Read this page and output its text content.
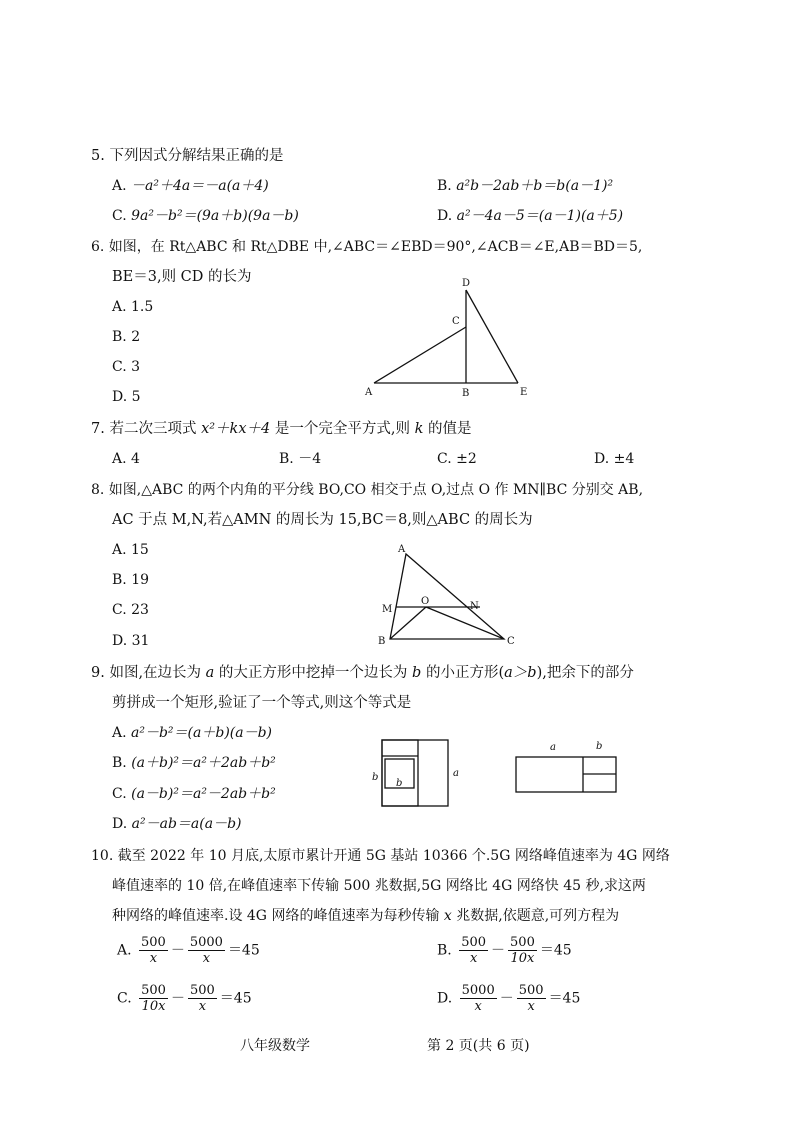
5. 下列因式分解结果正确的是
A. －a²＋4a＝－a(a＋4)	B. a²b－2ab＋b＝b(a－1)²
C. 9a²－b²＝(9a＋b)(9a－b)	D. a²－4a－5＝(a－1)(a＋5)
6. 如图，在 Rt△ABC 和 Rt△DBE 中,∠ABC＝∠EBD＝90°,∠ACB＝∠E,AB＝BD＝5,
BE＝3,则 CD 的长为
A. 1.5
B. 2
C. 3
D. 5
D
C
A	B	E
7. 若二次三项式 x²＋kx＋4 是一个完全平方式,则 k 的值是
A. 4	B. －4	C. ±2	D. ±4
8. 如图,△ABC 的两个内角的平分线 BO,CO 相交于点 O,过点 O 作 MN∥BC 分别交 AB,
AC 于点 M,N,若△AMN 的周长为 15,BC＝8,则△ABC 的周长为
A. 15
B. 19
C. 23
D. 31
A
M
O	N
B	C
9. 如图,在边长为 a 的大正方形中挖掉一个边长为 b 的小正方形(a＞b),把余下的部分
剪拼成一个矩形,验证了一个等式,则这个等式是
A. a²－b²＝(a＋b)(a－b)
B. (a＋b)²＝a²＋2ab＋b²
C. (a－b)²＝a²－2ab＋b²
D. a²－ab＝a(a－b)
b
b
a
a	b
10. 截至 2022 年 10 月底,太原市累计开通 5G 基站 10366 个.5G 网络峰值速率为 4G 网络
峰值速率的 10 倍,在峰值速率下传输 500 兆数据,5G 网络比 4G 网络快 45 秒,求这两
种网络的峰值速率.设 4G 网络的峰值速率为每秒传输 x 兆数据,依题意,可列方程为
A. $\frac{500}{x} - \frac{5000}{x} =45$	B. $\frac{500}{x} - \frac{500}{10x} =45$
C. $\frac{500}{10x} - \frac{500}{x} =45$	D. $\frac{5000}{x} - \frac{500}{x} =45$
八年级数学	第 2 页(共 6 页)
